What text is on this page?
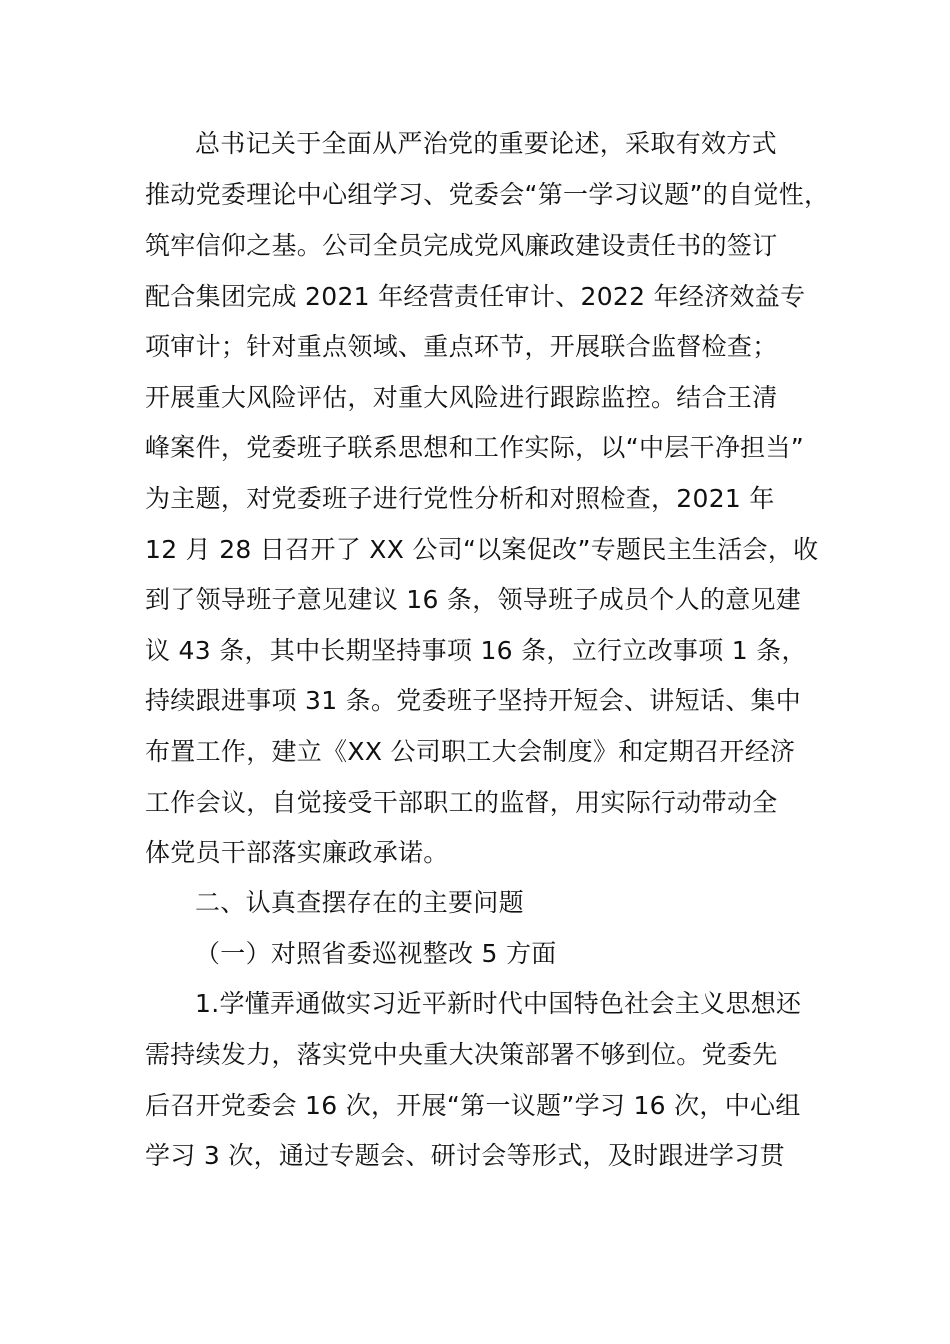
总书记关于全面从严治党的重要论述，采取有效方式
推动党委理论中心组学习、党委会“第一学习议题”的自觉性，
筑牢信仰之基。公司全员完成党风廉政建设责任书的签订
配合集团完成 2021 年经营责任审计、2022 年经济效益专
项审计；针对重点领域、重点环节，开展联合监督检查；
开展重大风险评估，对重大风险进行跟踪监控。结合王清
峰案件，党委班子联系思想和工作实际，以“中层干净担当”
为主题，对党委班子进行党性分析和对照检查，2021 年
12 月 28 日召开了 XX 公司“以案促改”专题民主生活会，收
到了领导班子意见建议 16 条，领导班子成员个人的意见建
议 43 条，其中长期坚持事项 16 条，立行立改事项 1 条，
持续跟进事项 31 条。党委班子坚持开短会、讲短话、集中
布置工作，建立《XX 公司职工大会制度》和定期召开经济
工作会议，自觉接受干部职工的监督，用实际行动带动全
体党员干部落实廉政承诺。
二、认真查摆存在的主要问题
（一）对照省委巡视整改 5 方面
1.学懂弄通做实习近平新时代中国特色社会主义思想还
需持续发力，落实党中央重大决策部署不够到位。党委先
后召开党委会 16 次，开展“第一议题”学习 16 次，中心组
学习 3 次，通过专题会、研讨会等形式，及时跟进学习贯
